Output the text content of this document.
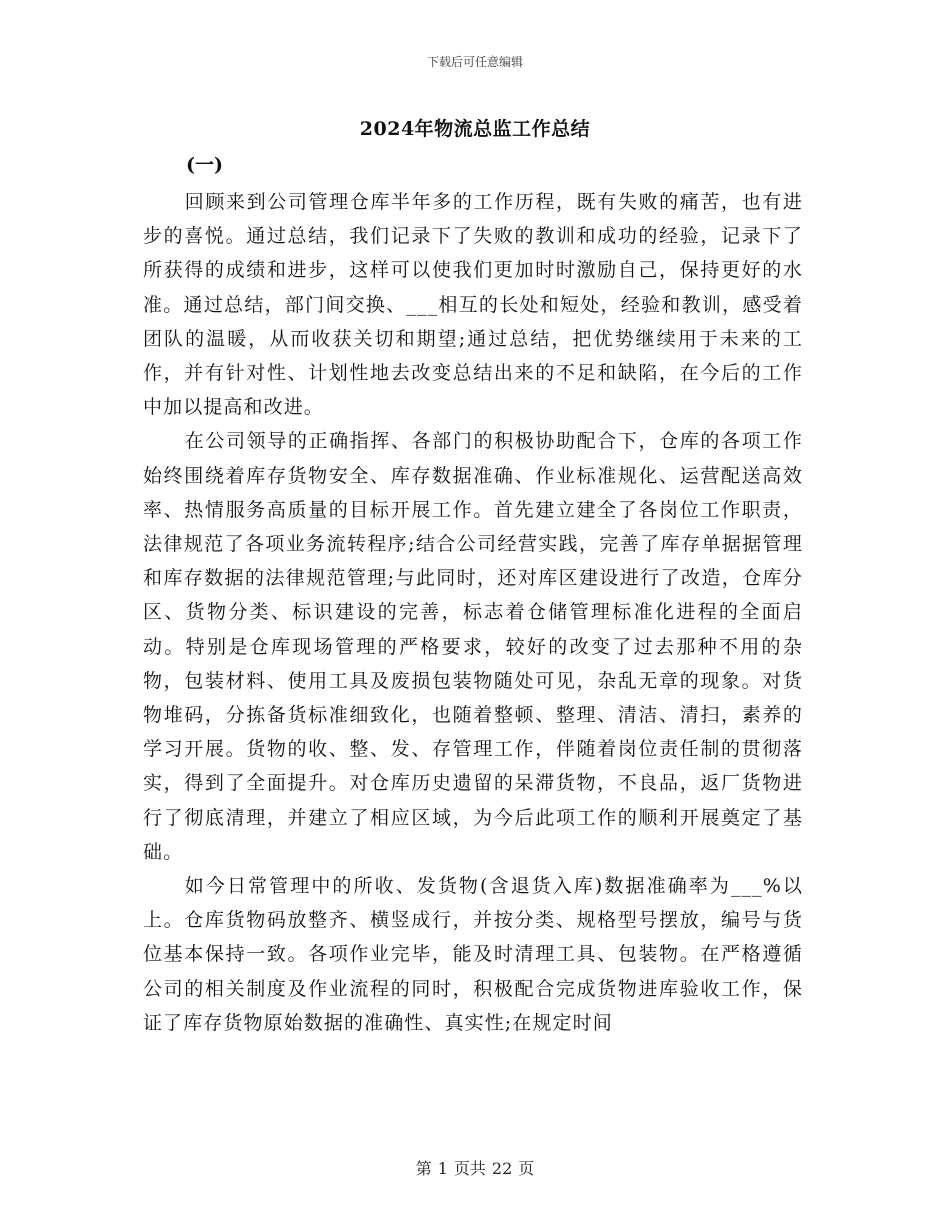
下载后可任意编辑
2024年物流总监工作总结
(一)

回顾来到公司管理仓库半年多的工作历程，既有失败的痛苦，也有进步的喜悦。通过总结，我们记录下了失败的教训和成功的经验，记录下了所获得的成绩和进步，这样可以使我们更加时时激励自己，保持更好的水准。通过总结，部门间交换、___相互的长处和短处，经验和教训，感受着团队的温暖，从而收获关切和期望;通过总结，把优势继续用于未来的工作，并有针对性、计划性地去改变总结出来的不足和缺陷，在今后的工作中加以提高和改进。

在公司领导的正确指挥、各部门的积极协助配合下，仓库的各项工作始终围绕着库存货物安全、库存数据准确、作业标准规化、运营配送高效率、热情服务高质量的目标开展工作。首先建立建全了各岗位工作职责，法律规范了各项业务流转程序;结合公司经营实践，完善了库存单据据管理和库存数据的法律规范管理;与此同时，还对库区建设进行了改造，仓库分区、货物分类、标识建设的完善，标志着仓储管理标准化进程的全面启动。特别是仓库现场管理的严格要求，较好的改变了过去那种不用的杂物，包装材料、使用工具及废损包装物随处可见，杂乱无章的现象。对货物堆码，分拣备货标准细致化，也随着整顿、整理、清洁、清扫，素养的学习开展。货物的收、整、发、存管理工作，伴随着岗位责任制的贯彻落实，得到了全面提升。对仓库历史遗留的呆滞货物，不良品，返厂货物进行了彻底清理，并建立了相应区域，为今后此项工作的顺利开展奠定了基础。

如今日常管理中的所收、发货物(含退货入库)数据准确率为___%以上。仓库货物码放整齐、横竖成行，并按分类、规格型号摆放，编号与货位基本保持一致。各项作业完毕，能及时清理工具、包装物。在严格遵循公司的相关制度及作业流程的同时，积极配合完成货物进库验收工作，保证了库存货物原始数据的准确性、真实性;在规定时间

第 1 页共 22 页
